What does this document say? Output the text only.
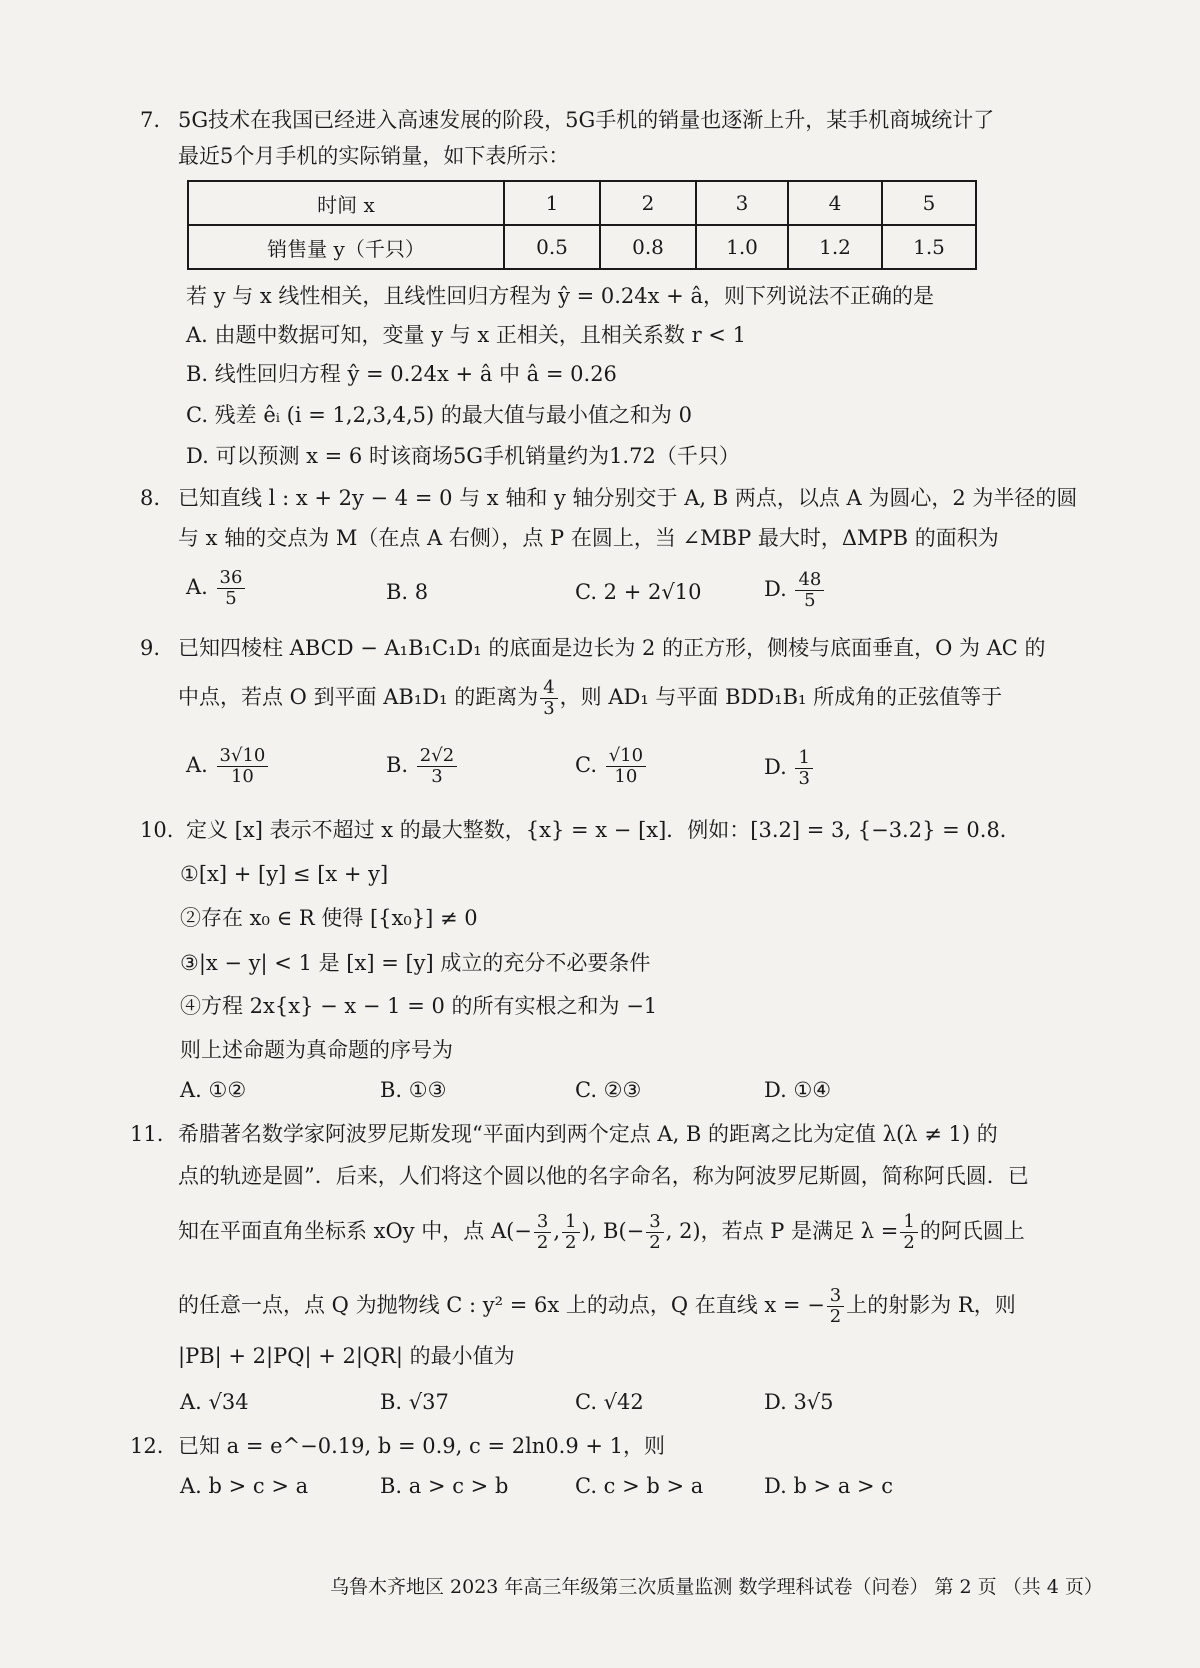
7. 5G技术在我国已经进入高速发展的阶段，5G手机的销量也逐渐上升，某手机商城统计了
最近5个月手机的实际销量，如下表所示：
时间 x	1	2	3	4	5
销售量 y（千只）	0.5	0.8	1.0	1.2	1.5
若 y 与 x 线性相关，且线性回归方程为 ŷ = 0.24x + â，则下列说法不正确的是
A. 由题中数据可知，变量 y 与 x 正相关，且相关系数 r < 1
B. 线性回归方程 ŷ = 0.24x + â 中 â = 0.26
C. 残差 êᵢ (i = 1,2,3,4,5) 的最大值与最小值之和为 0
D. 可以预测 x = 6 时该商场5G手机销量约为1.72（千只）
8. 已知直线 l : x + 2y − 4 = 0 与 x 轴和 y 轴分别交于 A, B 两点，以点 A 为圆心，2 为半径的圆
与 x 轴的交点为 M（在点 A 右侧），点 P 在圆上，当 ∠MBP 最大时，ΔMPB 的面积为
A. $\frac{36}{5}$	B. 8	C. 2 + 2√10	D. $\frac{48}{5}$
9. 已知四棱柱 ABCD − A₁B₁C₁D₁ 的底面是边长为 2 的正方形，侧棱与底面垂直，O 为 AC 的
中点，若点 O 到平面 AB₁D₁ 的距离为 $\frac{4}{3}$ ，则 AD₁ 与平面 BDD₁B₁ 所成角的正弦值等于
A. $\frac{3√10}{10}$	B. $\frac{2√2}{3}$	C. $\frac{√10}{10}$	D. $\frac{1}{3}$
10. 定义 [x] 表示不超过 x 的最大整数，{x} = x − [x]．例如：[3.2] = 3, {−3.2} = 0.8．
①[x] + [y] ≤ [x + y]
②存在 x₀ ∈ R 使得 [{x₀}] ≠ 0
③|x − y| < 1 是 [x] = [y] 成立的充分不必要条件
④方程 2x{x} − x − 1 = 0 的所有实根之和为 −1
则上述命题为真命题的序号为
A. ①②	B. ①③	C. ②③	D. ①④
11. 希腊著名数学家阿波罗尼斯发现“平面内到两个定点 A, B 的距离之比为定值 λ(λ ≠ 1) 的
点的轨迹是圆”．后来，人们将这个圆以他的名字命名，称为阿波罗尼斯圆，简称阿氏圆．已
知在平面直角坐标系 xOy 中，点 $A(- \frac{3}{2}$ , $\frac{1}{2}$ ), $B(- \frac{3}{2}$ , 2)，若点 P 是满足 $\lambda = \frac{1}{2}$ 的阿氏圆上
的任意一点，点 Q 为抛物线 C : y² = 6x 上的动点，Q 在直线 x = − $\frac{3}{2}$ 上的射影为 R，则
|PB| + 2|PQ| + 2|QR| 的最小值为
A. √34	B. √37	C. √42	D. 3√5
12. 已知 a = e^−0.19, b = 0.9, c = 2ln0.9 + 1，则
A. b > c > a	B. a > c > b	C. c > b > a	D. b > a > c
乌鲁木齐地区 2023 年高三年级第三次质量监测 数学理科试卷（问卷） 第 2 页 （共 4 页）
